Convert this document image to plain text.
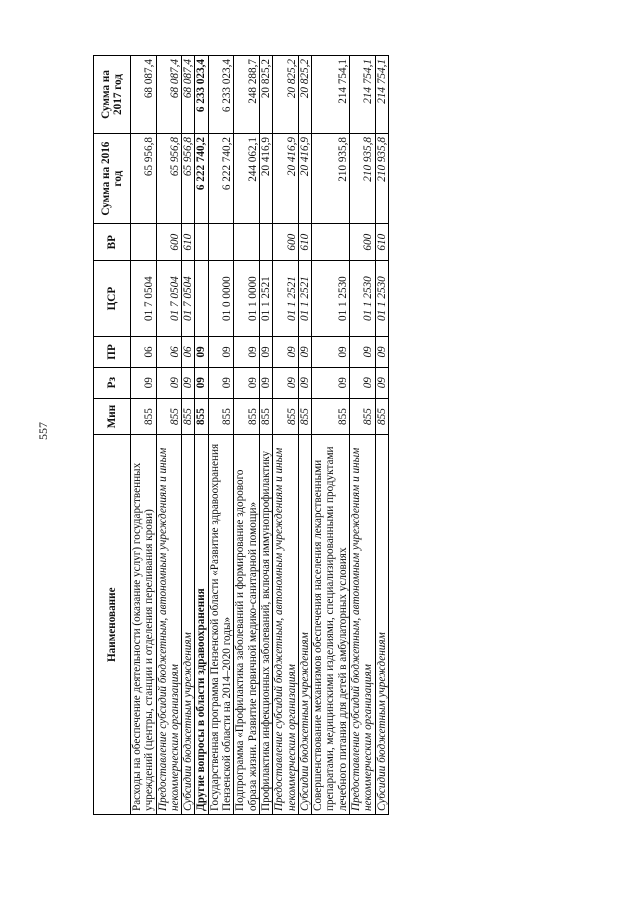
557
Наименование	Мин	Рз	ПР	ЦСР	ВР	Сумма на 2016 год	Сумма на 2017 год
Расходы на обеспечение деятельности (оказание услуг) государственных учреждений (центры, станции и отделения переливания крови)	855	09	06	01 7 0504		65 956,8	68 087,4
Предоставление субсидий бюджетным, автономным учреждениям и иным некоммерческим организациям	855	09	06	01 7 0504	600	65 956,8	68 087,4
Субсидии бюджетным учреждениям	855	09	06	01 7 0504	610	65 956,8	68 087,4
Другие вопросы в области здравоохранения	855	09	09			6 222 740,2	6 233 023,4
Государственная программа Пензенской области «Развитие здравоохранения Пензенской области на 2014–2020 годы»	855	09	09	01 0 0000		6 222 740,2	6 233 023,4
Подпрограмма «Профилактика заболеваний и формирование здорового образа жизни. Развитие первичной медико-санитарной помощи»	855	09	09	01 1 0000		244 062,1	248 288,7
Профилактика инфекционных заболеваний, включая иммунопрофилактику	855	09	09	01 1 2521		20 416,9	20 825,2
Предоставление субсидий бюджетным, автономным учреждениям и иным некоммерческим организациям	855	09	09	01 1 2521	600	20 416,9	20 825,2
Субсидии бюджетным учреждениям	855	09	09	01 1 2521	610	20 416,9	20 825,2
Совершенствование механизмов обеспечения населения лекарственными препаратами, медицинскими изделиями, специализированными продуктами лечебного питания для детей в амбулаторных условиях	855	09	09	01 1 2530		210 935,8	214 754,1
Предоставление субсидий бюджетным, автономным учреждениям и иным некоммерческим организациям	855	09	09	01 1 2530	600	210 935,8	214 754,1
Субсидии бюджетным учреждениям	855	09	09	01 1 2530	610	210 935,8	214 754,1
